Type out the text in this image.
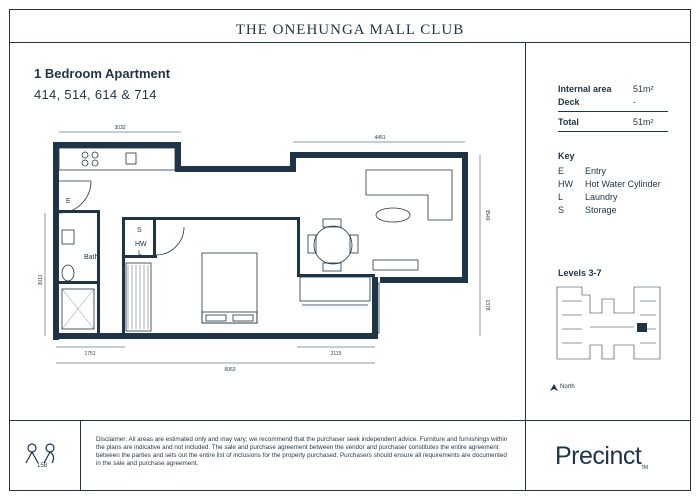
THE ONEHUNGA MALL CLUB
1 Bedroom Apartment
414, 514, 614 & 714
E
Bath
S
HW
L
3032
4451
3011
3549
1378
1751	2115
6063
Internal area	51m²
Deck	-
Total	51m²
Key
E	Entry
HW	Hot Water Cylinder
L	Laundry
S	Storage
Levels 3-7
North
158
Disclaimer: All areas are estimated only and may vary; we recommend that the purchaser seek independent advice. Furniture and furnishings within the plans are indicative and not included. The sale and purchase agreement between the vendor and purchaser constitutes the entire agreement between the parties and sets out the entire list of inclusions for the property purchased. Purchasers should ensure all requirements are documented in the sale and purchase agreement.	PrecinctTM
